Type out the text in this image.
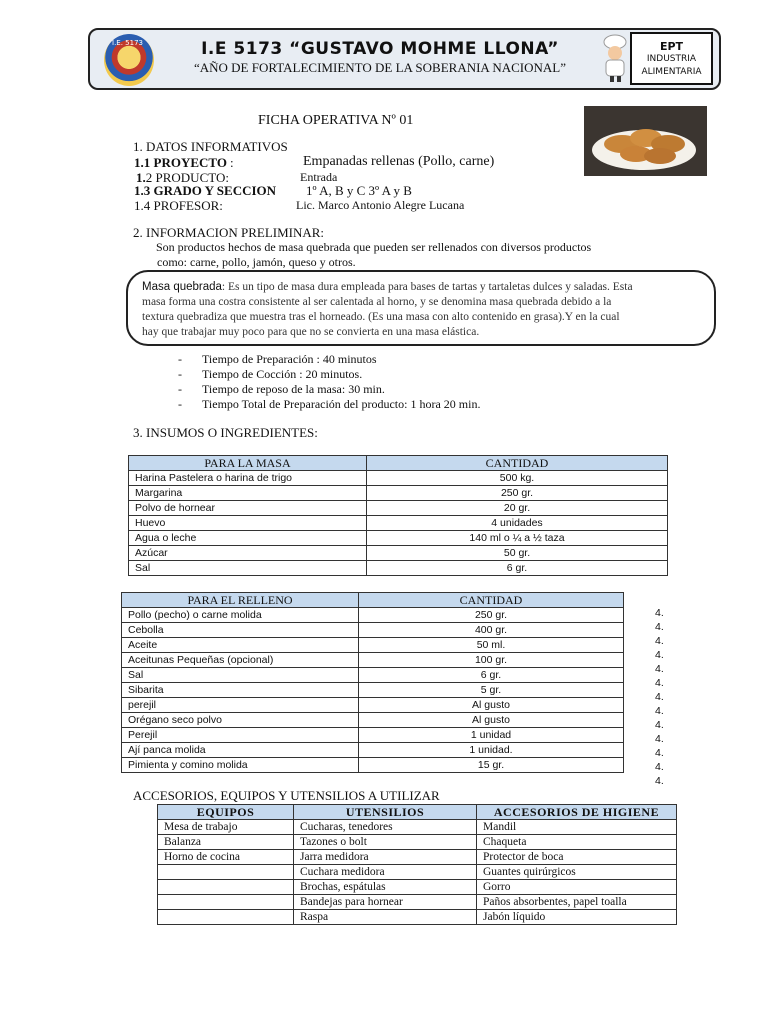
I.E. 5173	I.E 5173 “GUSTAVO MOHME LLONA”
“AÑO DE FORTALECIMIENTO DE LA SOBERANIA NACIONAL”
EPT
INDUSTRIA
ALIMENTARIA
FICHA OPERATIVA Nº 01
1. DATOS INFORMATIVOS
1.1 PROYECTO :	Empanadas rellenas (Pollo, carne)
1.2 PRODUCTO:	Entrada
1.3 GRADO Y SECCION 1º A, B y C 3º A y B
1.4 PROFESOR:	Lic. Marco Antonio Alegre Lucana
2. INFORMACION PRELIMINAR:
Son productos hechos de masa quebrada que pueden ser rellenados con diversos productos
como: carne, pollo, jamón, queso y otros.
Masa quebrada: Es un tipo de masa dura empleada para bases de tartas y tartaletas dulces y saladas. Esta
masa forma una costra consistente al ser calentada al horno, y se denomina masa quebrada debido a la
textura quebradiza que muestra tras el horneado. (Es una masa con alto contenido en grasa).Y en la cual
hay que trabajar muy poco para que no se convierta en una masa elástica.
- Tiempo de Preparación : 40 minutos
- Tiempo de Cocción : 20 minutos.
- Tiempo de reposo de la masa: 30 min.
- Tiempo Total de Preparación del producto: 1 hora 20 min.
3. INSUMOS O INGREDIENTES:
PARA LA MASA	CANTIDAD
Harina Pastelera o harina de trigo	500 kg.
Margarina	250 gr.
Polvo de hornear	20 gr.
Huevo	4 unidades
Agua o leche	140 ml o ¼ a ½ taza
Azúcar	50 gr.
Sal	6 gr.
PARA EL RELLENO	CANTIDAD
Pollo (pecho) o carne molida	250 gr.
Cebolla	400 gr.
Aceite	50 ml.
Aceitunas Pequeñas (opcional)	100 gr.
Sal	6 gr.
Sibarita	5 gr.
perejil	Al gusto
Orégano seco polvo	Al gusto
Perejil	1 unidad
Ají panca molida	1 unidad.
Pimienta y comino molida	15 gr.
4.
4.
4.
4.
4.
4.
4.
4.
4.
4.
4.
4.
4.
ACCESORIOS, EQUIPOS Y UTENSILIOS A UTILIZAR
EQUIPOS	UTENSILIOS	ACCESORIOS DE HIGIENE
Mesa de trabajo	Cucharas, tenedores	Mandil
Balanza	Tazones o bolt	Chaqueta
Horno de cocina	Jarra medidora	Protector de boca
	Cuchara medidora	Guantes quirúrgicos
	Brochas, espátulas	Gorro
	Bandejas para hornear	Paños absorbentes, papel toalla
	Raspa	Jabón líquido
